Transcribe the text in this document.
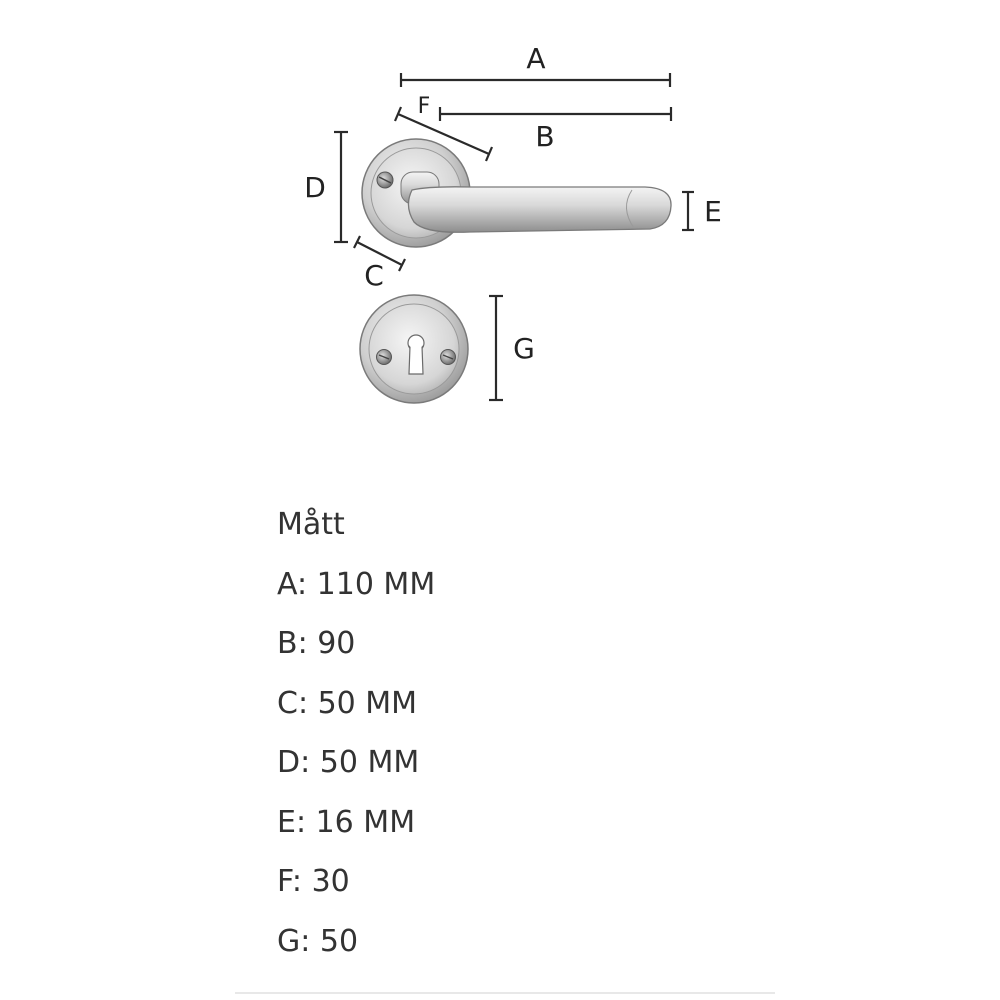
A
B
F
D
C
E
G
Mått
A: 110 MM
B: 90
C: 50 MM
D: 50 MM
E: 16 MM
F: 30
G: 50
